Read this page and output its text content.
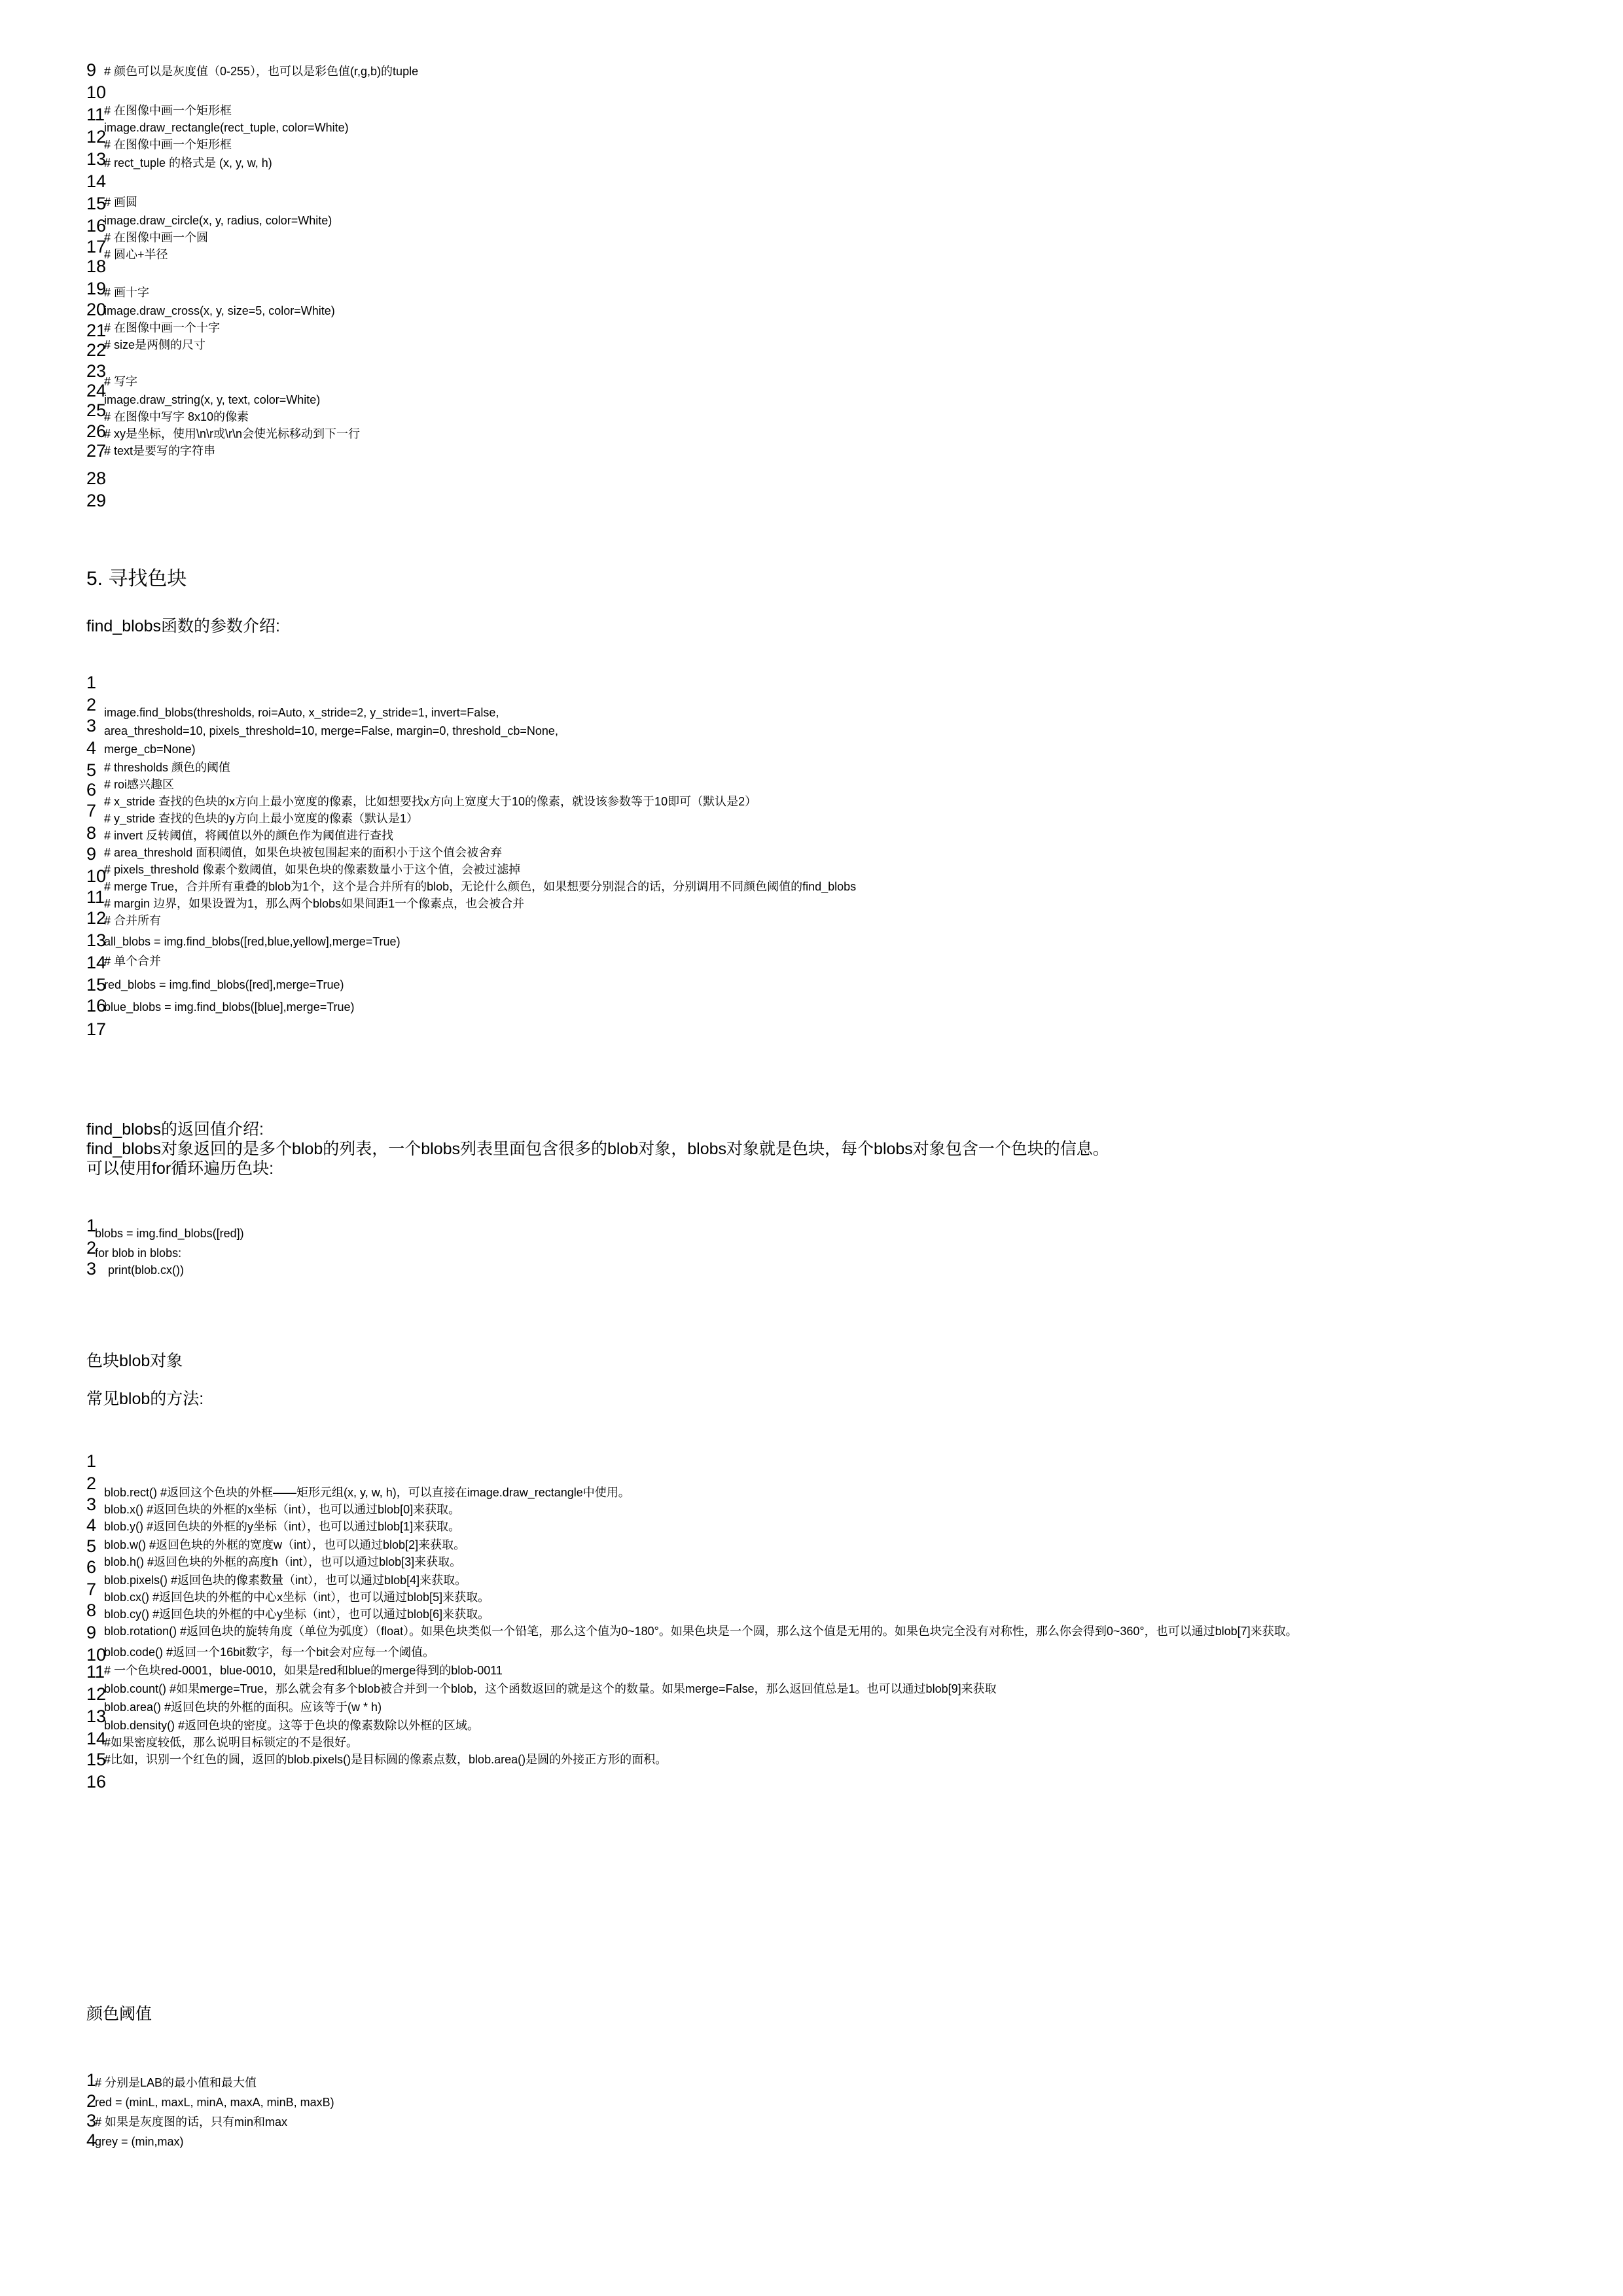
9 # 颜色可以是灰度值（0-255），也可以是彩色值(r,g,b)的tuple
10
11
# 在图像中画一个矩形框
12
image.draw_rectangle(rect_tuple, color=White)
# 在图像中画一个矩形框
13
# rect_tuple 的格式是 (x, y, w, h)
14
15
# 画圆
16
image.draw_circle(x, y, radius, color=White)
17
# 在图像中画一个圆
18
# 圆心+半径
19
# 画十字
20
image.draw_cross(x, y, size=5, color=White)
21
# 在图像中画一个十字
22
# size是两侧的尺寸
23
# 写字
24
image.draw_string(x, y, text, color=White)
25
# 在图像中写字 8x10的像素
26
# xy是坐标，使用\n\r或\r\n会使光标移动到下一行
27
# text是要写的字符串
28
29
5. 寻找色块
find_blobs函数的参数介绍:
1
2 image.find_blobs(thresholds, roi=Auto, x_stride=2, y_stride=1, invert=False,
3 area_threshold=10, pixels_threshold=10, merge=False, margin=0, threshold_cb=None,
4 merge_cb=None)
5 # thresholds 颜色的阈值
6 # roi感兴趣区
# x_stride 查找的色块的x方向上最小宽度的像素，比如想要找x方向上宽度大于10的像素，就设该参数等于10即可（默认是2）
7 # y_stride 查找的色块的y方向上最小宽度的像素（默认是1）
8 # invert 反转阈值，将阈值以外的颜色作为阈值进行查找
9 # area_threshold 面积阈值，如果色块被包围起来的面积小于这个值会被舍弃
10
# pixels_threshold 像素个数阈值，如果色块的像素数量小于这个值，会被过滤掉
# merge True，合并所有重叠的blob为1个，这个是合并所有的blob，无论什么颜色，如果想要分别混合的话，分别调用不同颜色阈值的find_blobs
11
# margin 边界，如果设置为1，那么两个blobs如果间距1一个像素点，也会被合并
12
# 合并所有
13
all_blobs = img.find_blobs([red,blue,yellow],merge=True)
14
# 单个合并
15
red_blobs = img.find_blobs([red],merge=True)
16
blue_blobs = img.find_blobs([blue],merge=True)
17
find_blobs的返回值介绍:
find_blobs对象返回的是多个blob的列表，一个blobs列表里面包含很多的blob对象，blobs对象就是色块，每个blobs对象包含一个色块的信息。
可以使用for循环遍历色块:
1
blobs = img.find_blobs([red])
2
for blob in blobs:
3
print(blob.cx())
色块blob对象
常见blob的方法:
1
2
3
blob.rect() #返回这个色块的外框——矩形元组(x, y, w, h)，可以直接在image.draw_rectangle中使用。
blob.x() #返回色块的外框的x坐标（int），也可以通过blob[0]来获取。
4 blob.y() #返回色块的外框的y坐标（int），也可以通过blob[1]来获取。
5 blob.w() #返回色块的外框的宽度w（int），也可以通过blob[2]来获取。
6 blob.h() #返回色块的外框的高度h（int），也可以通过blob[3]来获取。
7 blob.pixels() #返回色块的像素数量（int），也可以通过blob[4]来获取。
blob.cx() #返回色块的外框的中心x坐标（int），也可以通过blob[5]来获取。
8 blob.cy() #返回色块的外框的中心y坐标（int），也可以通过blob[6]来获取。
9 blob.rotation() #返回色块的旋转角度（单位为弧度）（float）。如果色块类似一个铅笔，那么这个值为0~180°。如果色块是一个圆，那么这个值是无用的。如果色块完全没有对称性，那么你会得到0~360°，也可以通过blob[7]来获取。
10
blob.code() #返回一个16bit数字，每一个bit会对应每一个阈值。
11
# 一个色块red-0001，blue-0010，如果是red和blue的merge得到的blob-0011
blob.count() #如果merge=True，那么就会有多个blob被合并到一个blob，这个函数返回的就是这个的数量。如果merge=False，那么返回值总是1。也可以通过blob[9]来获取
12
blob.area() #返回色块的外框的面积。应该等于(w * h)
13
blob.density() #返回色块的密度。这等于色块的像素数除以外框的区域。
14
#如果密度较低，那么说明目标锁定的不是很好。
15
#比如，识别一个红色的圆，返回的blob.pixels()是目标圆的像素点数，blob.area()是圆的外接正方形的面积。
16
颜色阈值
1
# 分别是LAB的最小值和最大值
2
red = (minL, maxL, minA, maxA, minB, maxB)
3
# 如果是灰度图的话，只有min和max
4
grey = (min,max)
